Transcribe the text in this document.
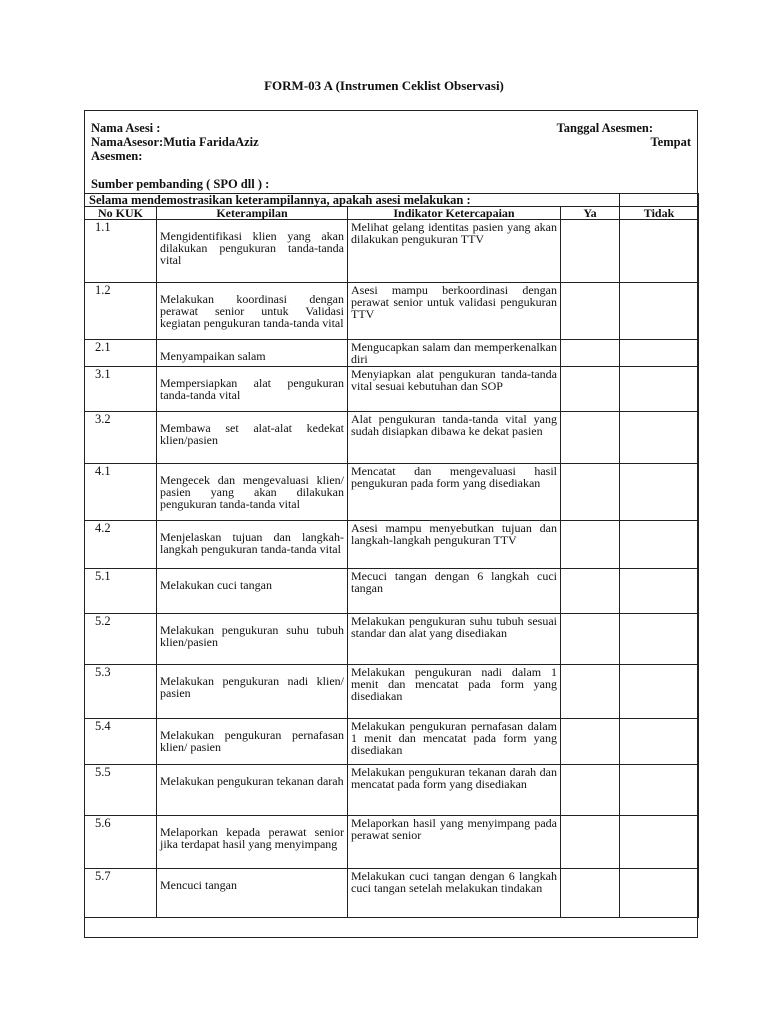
FORM-03 A (Instrumen Ceklist Observasi)
Nama Asesi :	Tanggal Asesmen:
NamaAsesor:Mutia FaridaAziz	Tempat
Asesmen:
Sumber pembanding ( SPO dll ) :
Selama mendemostrasikan keterampilannya, apakah asesi melakukan :				
No KUK	Keterampilan	Indikator Ketercapaian	Ya	Tidak
1.1	Mengidentifikasi klien yang akan dilakukan pengukuran tanda-tanda vital	Melihat gelang identitas pasien yang akan dilakukan pengukuran TTV		
1.2	Melakukan koordinasi dengan perawat senior untuk Validasi kegiatan pengukuran tanda-tanda vital	Asesi mampu berkoordinasi dengan perawat senior untuk validasi pengukuran TTV		
2.1	Menyampaikan salam	Mengucapkan salam dan memperkenalkan diri		
3.1	Mempersiapkan alat pengukuran tanda-tanda vital	Menyiapkan alat pengukuran tanda-tanda vital sesuai kebutuhan dan SOP		
3.2	Membawa set alat-alat kedekat klien/pasien	Alat pengukuran tanda-tanda vital yang sudah disiapkan dibawa ke dekat pasien		
4.1	Mengecek dan mengevaluasi klien/ pasien yang akan dilakukan pengukuran tanda-tanda vital	Mencatat dan mengevaluasi hasil pengukuran pada form yang disediakan		
4.2	Menjelaskan tujuan dan langkah-langkah pengukuran tanda-tanda vital	Asesi mampu menyebutkan tujuan dan langkah-langkah pengukuran TTV		
5.1	Melakukan cuci tangan	Mecuci tangan dengan 6 langkah cuci tangan		
5.2	Melakukan pengukuran suhu tubuh klien/pasien	Melakukan pengukuran suhu tubuh sesuai standar dan alat yang disediakan		
5.3	Melakukan pengukuran nadi klien/ pasien	Melakukan pengukuran nadi dalam 1 menit dan mencatat pada form yang disediakan		
5.4	Melakukan pengukuran pernafasan klien/ pasien	Melakukan pengukuran pernafasan dalam 1 menit dan mencatat pada form yang disediakan		
5.5	Melakukan pengukuran tekanan darah	Melakukan pengukuran tekanan darah dan mencatat pada form yang disediakan		
5.6	Melaporkan kepada perawat senior jika terdapat hasil yang menyimpang	Melaporkan hasil yang menyimpang pada perawat senior		
5.7	Mencuci tangan	Melakukan cuci tangan dengan 6 langkah cuci tangan setelah melakukan tindakan		
